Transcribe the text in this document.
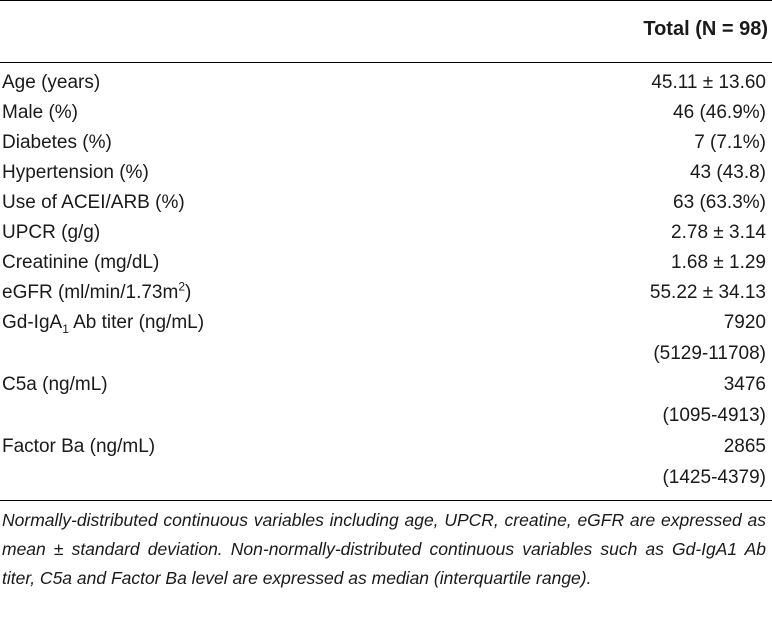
Total (N = 98)
Age (years)	45.11 ± 13.60
Male (%)	46 (46.9%)
Diabetes (%)	7 (7.1%)
Hypertension (%)	43 (43.8)
Use of ACEI/ARB (%)	63 (63.3%)
UPCR (g/g)	2.78 ± 3.14
Creatinine (mg/dL)	1.68 ± 1.29
eGFR $(ml/\min/1.73m^2)$	55.22 ± 34.13
Gd-IgA$_1$ Ab titer (ng/mL)	7920
(5129-11708)
C5a (ng/mL)	3476
(1095-4913)
Factor Ba (ng/mL)	2865
(1425-4379)
Normally-distributed continuous variables including age, UPCR, creatine, eGFR are expressed as mean ± standard deviation. Non-normally-distributed continuous variables such as Gd-IgA1 Ab titer, C5a and Factor Ba level are expressed as median (interquartile range).
